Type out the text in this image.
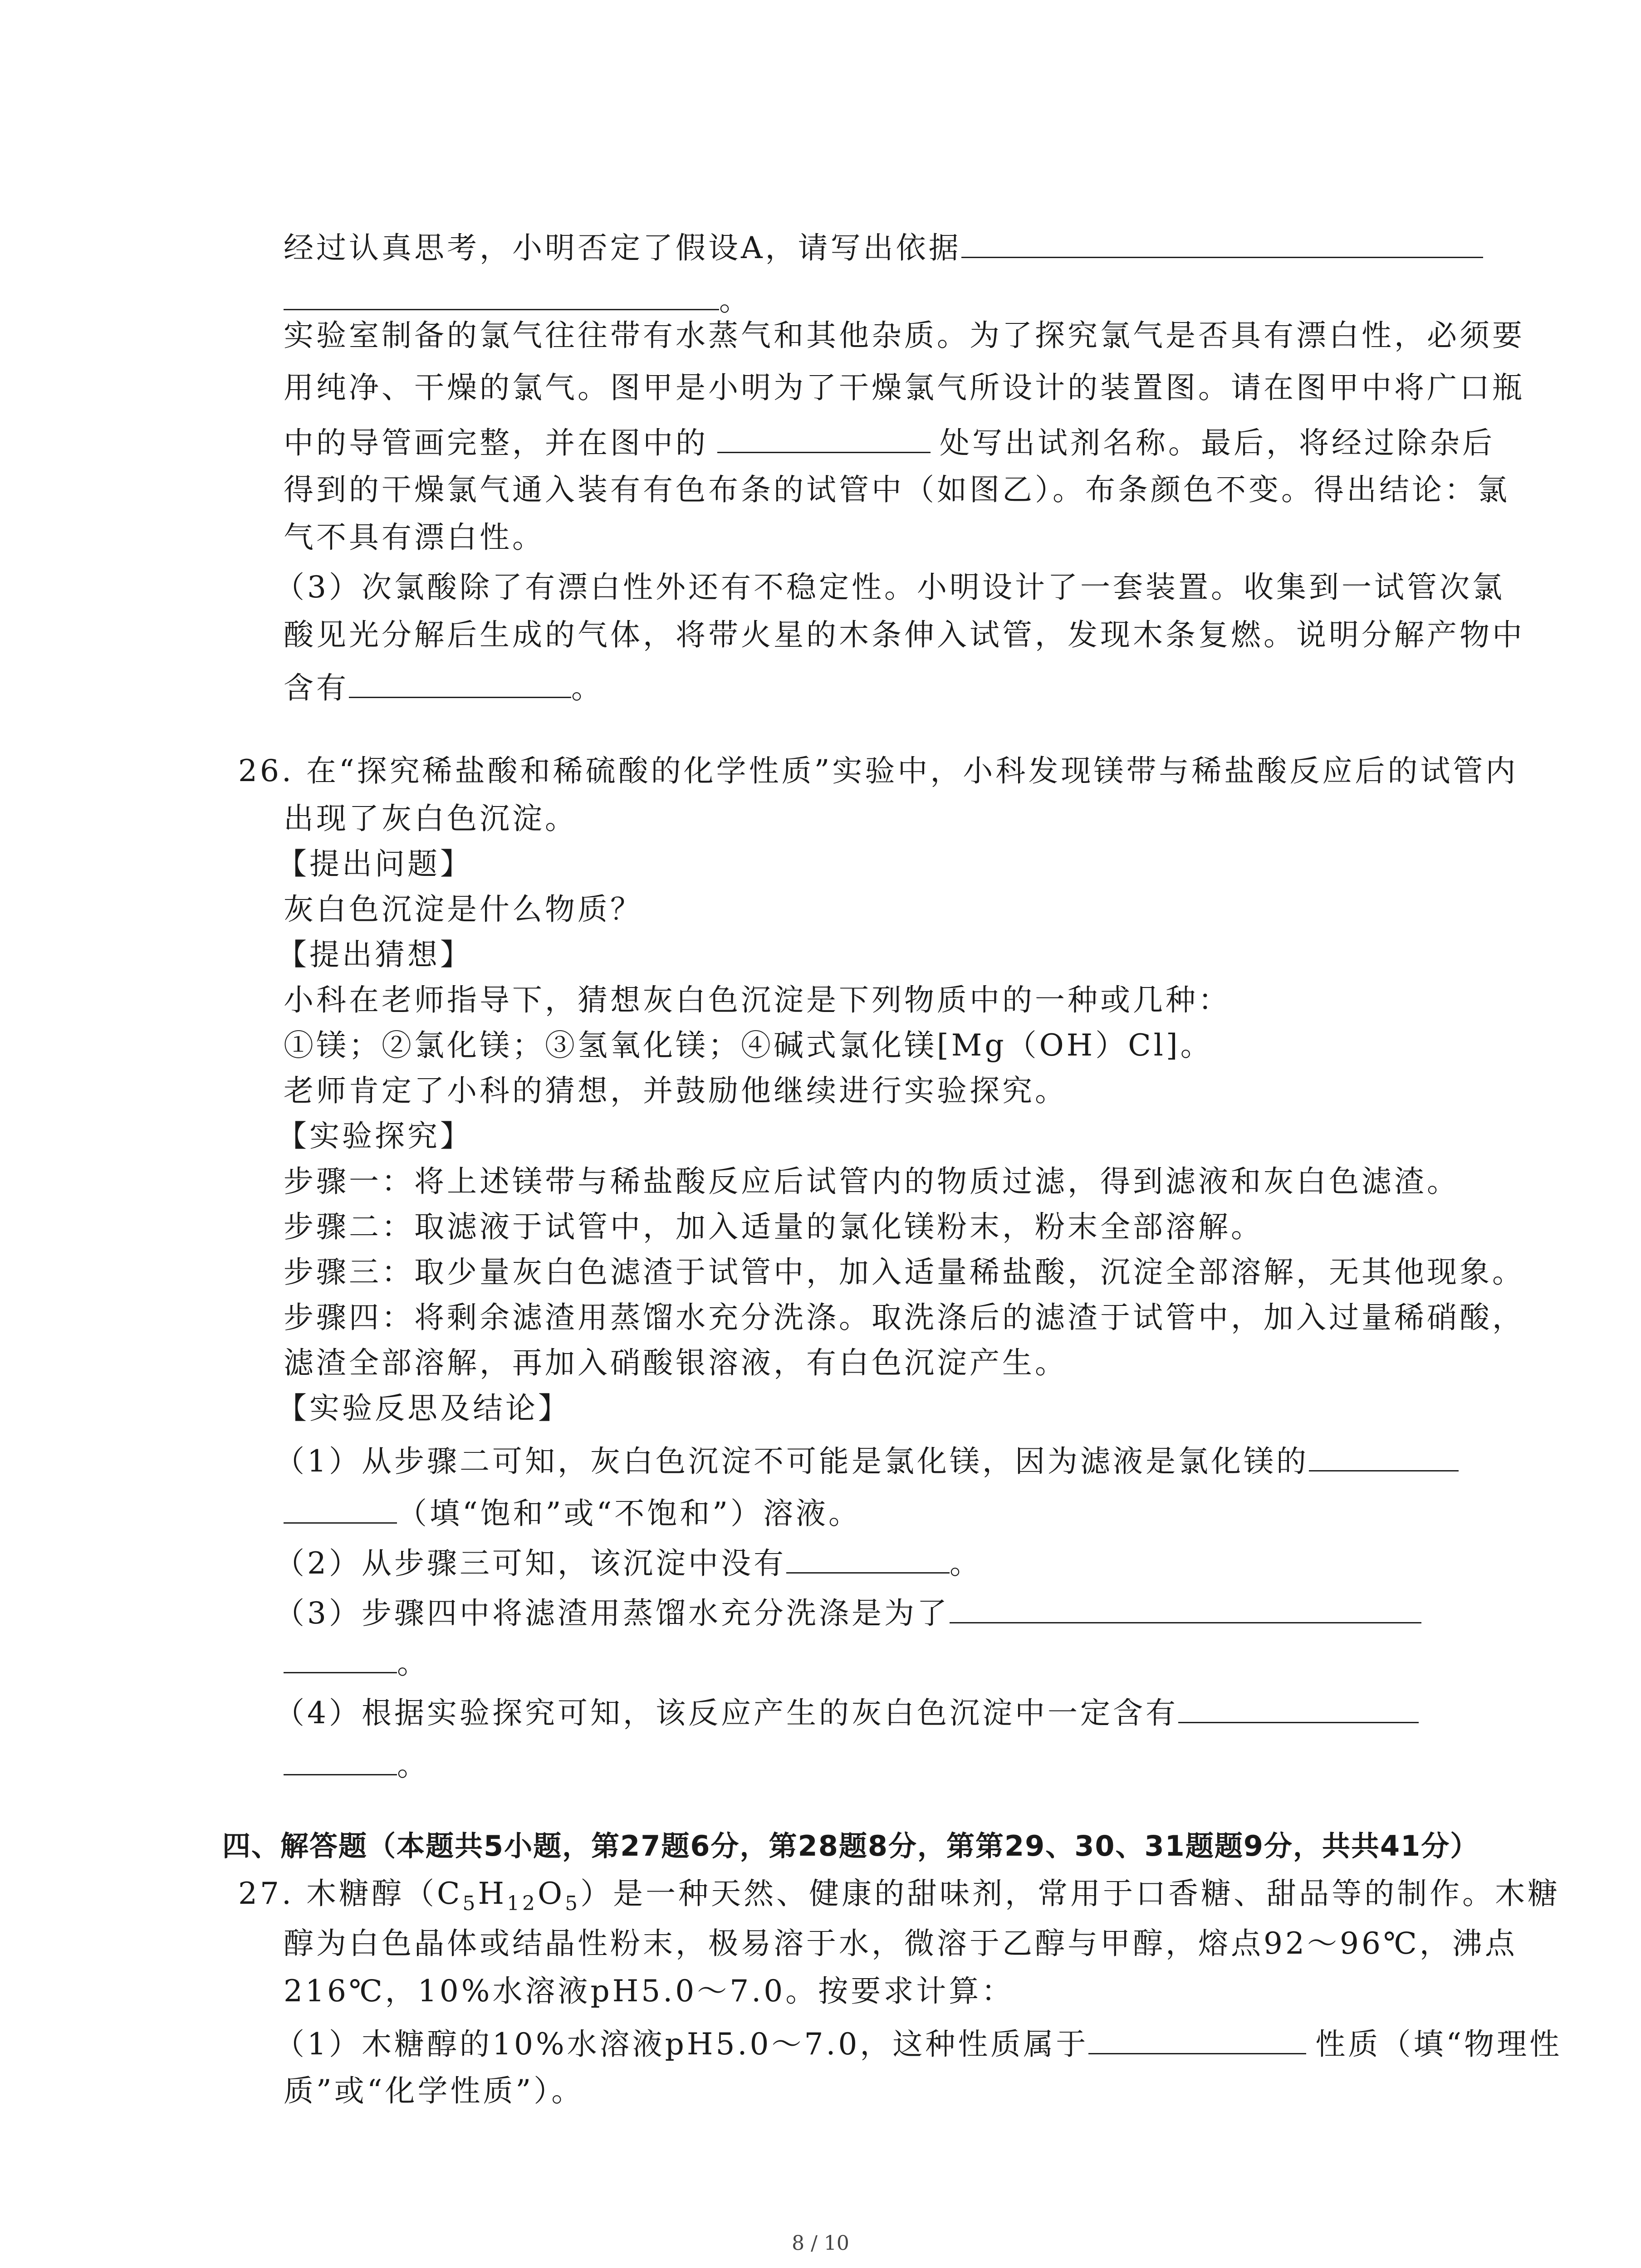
经过认真思考，小明否定了假设A，请写出依据
。
实验室制备的氯气往往带有水蒸气和其他杂质。为了探究氯气是否具有漂白性，必须要
用纯净、干燥的氯气。图甲是小明为了干燥氯气所设计的装置图。请在图甲中将广口瓶
中的导管画完整，并在图中的	处写出试剂名称。最后，将经过除杂后
得到的干燥氯气通入装有有色布条的试管中（如图乙）。布条颜色不变。得出结论：氯
气不具有漂白性。
（3）次氯酸除了有漂白性外还有不稳定性。小明设计了一套装置。收集到一试管次氯
酸见光分解后生成的气体，将带火星的木条伸入试管，发现木条复燃。说明分解产物中
含有	。
26. 在“探究稀盐酸和稀硫酸的化学性质”实验中，小科发现镁带与稀盐酸反应后的试管内
出现了灰白色沉淀。
【提出问题】
灰白色沉淀是什么物质？
【提出猜想】
小科在老师指导下，猜想灰白色沉淀是下列物质中的一种或几种：
①镁；②氯化镁；③氢氧化镁；④碱式氯化镁[Mg（OH）Cl]。
老师肯定了小科的猜想，并鼓励他继续进行实验探究。
【实验探究】
步骤一：将上述镁带与稀盐酸反应后试管内的物质过滤，得到滤液和灰白色滤渣。
步骤二：取滤液于试管中，加入适量的氯化镁粉末，粉末全部溶解。
步骤三：取少量灰白色滤渣于试管中，加入适量稀盐酸，沉淀全部溶解，无其他现象。
步骤四：将剩余滤渣用蒸馏水充分洗涤。取洗涤后的滤渣于试管中，加入过量稀硝酸，
滤渣全部溶解，再加入硝酸银溶液，有白色沉淀产生。
【实验反思及结论】
（1）从步骤二可知，灰白色沉淀不可能是氯化镁，因为滤液是氯化镁的
（填“饱和”或“不饱和”）溶液。
（2）从步骤三可知，该沉淀中没有	。
（3）步骤四中将滤渣用蒸馏水充分洗涤是为了
。
（4）根据实验探究可知，该反应产生的灰白色沉淀中一定含有
。
四、解答题（本题共5小题，第27题6分，第28题8分，第第29、30、31题题9分，共共41分）
27. 木糖醇$(C_5H_{12}O_5)$是一种天然、健康的甜味剂，常用于口香糖、甜品等的制作。木糖
醇为白色晶体或结晶性粉末，极易溶于水，微溶于乙醇与甲醇，熔点92～96℃，沸点
216℃，10%水溶液pH5.0～7.0。按要求计算：
（1）木糖醇的10%水溶液pH5.0～7.0，这种性质属于	性质（填“物理性
质”或“化学性质”）。
8 / 10
